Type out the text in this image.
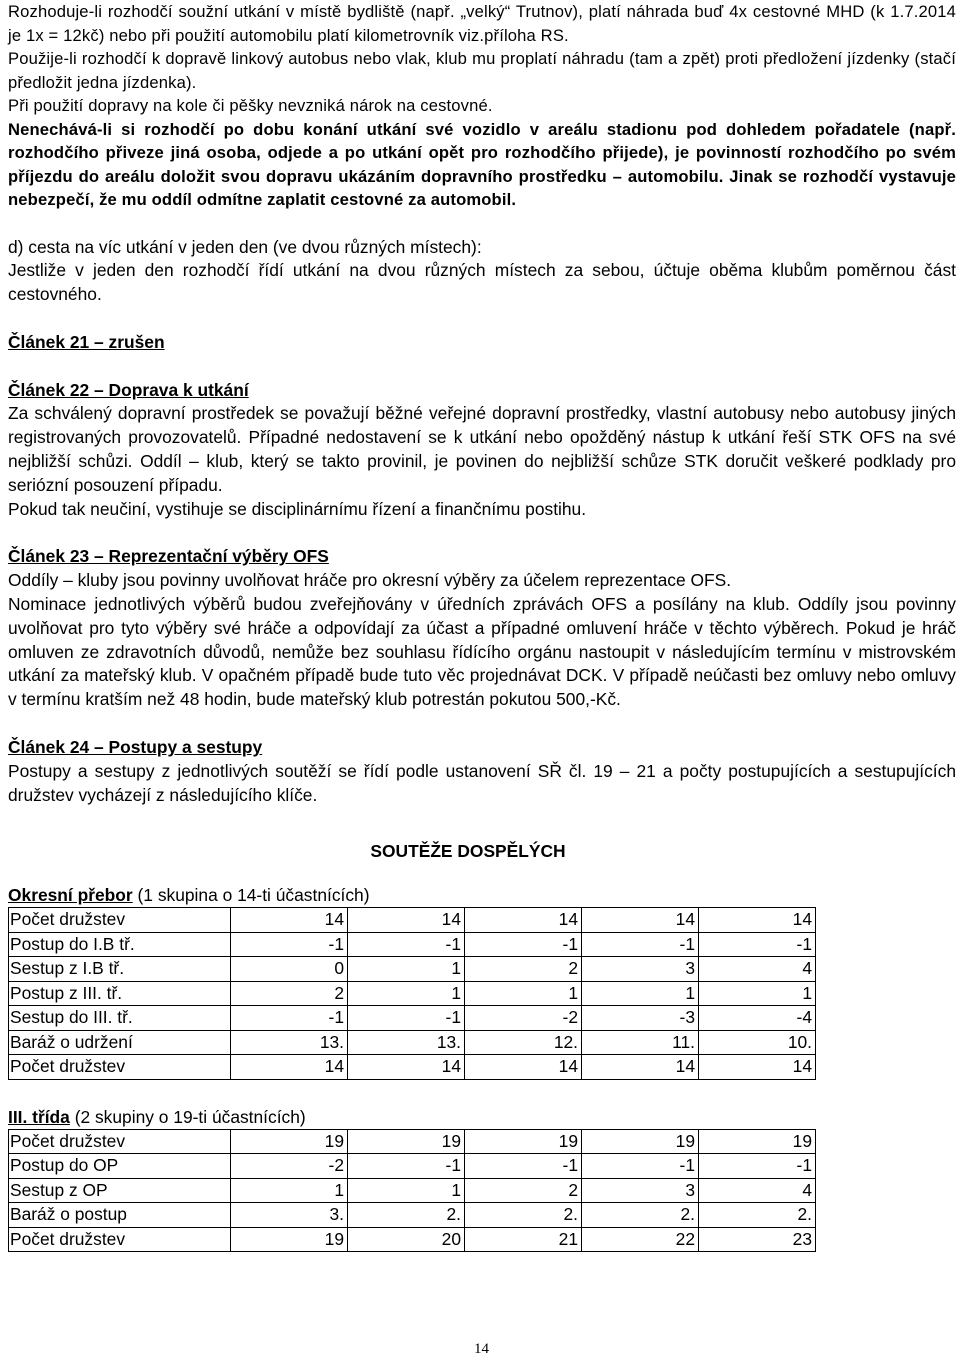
Rozhoduje-li rozhodčí soužní utkání v místě bydliště (např. „velký“ Trutnov), platí náhrada buď 4x cestovné MHD (k 1.7.2014 je 1x = 12kč) nebo při použití automobilu platí kilometrovník viz.příloha RS.

Použije-li rozhodčí k dopravě linkový autobus nebo vlak, klub mu proplatí náhradu (tam a zpět) proti předložení jízdenky (stačí předložit jedna jízdenka).

Při použití dopravy na kole či pěšky nevzniká nárok na cestovné.

Nenechává-li si rozhodčí po dobu konání utkání své vozidlo v areálu stadionu pod dohledem pořadatele (např. rozhodčího přiveze jiná osoba, odjede a po utkání opět pro rozhodčího přijede), je povinností rozhodčího po svém příjezdu do areálu doložit svou dopravu ukázáním dopravního prostředku – automobilu. Jinak se rozhodčí vystavuje nebezpečí, že mu oddíl odmítne zaplatit cestovné za automobil.

d) cesta na víc utkání v jeden den (ve dvou různých místech):

Jestliže v jeden den rozhodčí řídí utkání na dvou různých místech za sebou, účtuje oběma klubům poměrnou část cestovného.

Článek 21 – zrušen

Článek 22 – Doprava k utkání

Za schválený dopravní prostředek se považují běžné veřejné dopravní prostředky, vlastní autobusy nebo autobusy jiných registrovaných provozovatelů. Případné nedostavení se k utkání nebo opožděný nástup k utkání řeší STK OFS na své nejbližší schůzi. Oddíl – klub, který se takto provinil, je povinen do nejbližší schůze STK doručit veškeré podklady pro seriózní posouzení případu.

Pokud tak neučiní, vystihuje se disciplinárnímu řízení a finančnímu postihu.

Článek 23 – Reprezentační výběry OFS

Oddíly – kluby jsou povinny uvolňovat hráče pro okresní výběry za účelem reprezentace OFS.

Nominace jednotlivých výběrů budou zveřejňovány v úředních zprávách OFS a posílány na klub. Oddíly jsou povinny uvolňovat pro tyto výběry své hráče a odpovídají za účast a případné omluvení hráče v těchto výběrech. Pokud je hráč omluven ze zdravotních důvodů, nemůže bez souhlasu řídícího orgánu nastoupit v následujícím termínu v mistrovském utkání za mateřský klub. V opačném případě bude tuto věc projednávat DCK. V případě neúčasti bez omluvy nebo omluvy v termínu kratším než 48 hodin, bude mateřský klub potrestán pokutou 500,-Kč.

Článek 24 – Postupy a sestupy

Postupy a sestupy z jednotlivých soutěží se řídí podle ustanovení SŘ čl. 19 – 21 a počty postupujících a sestupujících družstev vycházejí z následujícího klíče.

SOUTĚŽE DOSPĚLÝCH

Okresní přebor (1 skupina o 14-ti účastnících)

Počet družstev	14	14	14	14	14
Postup do I.B tř.	-1	-1	-1	-1	-1
Sestup z I.B tř.	0	1	2	3	4
Postup z III. tř.	2	1	1	1	1
Sestup do III. tř.	-1	-1	-2	-3	-4
Baráž o udržení	13.	13.	12.	11.	10.
Počet družstev	14	14	14	14	14

III. třída (2 skupiny o 19-ti účastnících)

Počet družstev	19	19	19	19	19
Postup do OP	-2	-1	-1	-1	-1
Sestup z OP	1	1	2	3	4
Baráž o postup	3.	2.	2.	2.	2.
Počet družstev	19	20	21	22	23
14
